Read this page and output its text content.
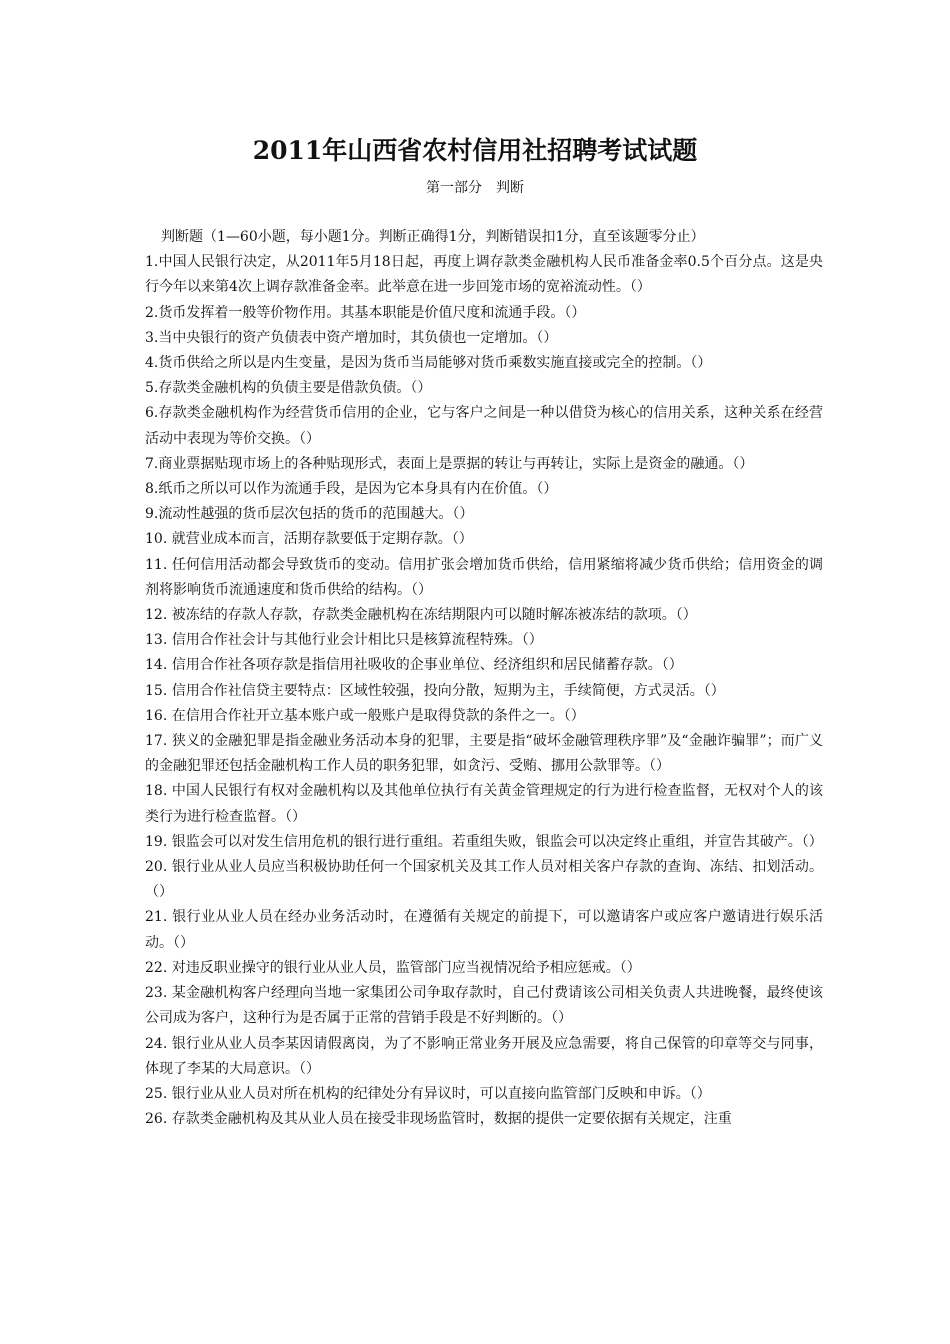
2011年山西省农村信用社招聘考试试题

第一部分　判断

判断题（1—60小题，每小题1分。判断正确得1分，判断错误扣1分，直至该题零分止）

1.中国人民银行决定，从2011年5月18日起，再度上调存款类金融机构人民币准备金率0.5个百分点。这是央行今年以来第4次上调存款准备金率。此举意在进一步回笼市场的宽裕流动性。（）

2.货币发挥着一般等价物作用。其基本职能是价值尺度和流通手段。（）

3.当中央银行的资产负债表中资产增加时，其负债也一定增加。（）

4.货币供给之所以是内生变量，是因为货币当局能够对货币乘数实施直接或完全的控制。（）

5.存款类金融机构的负债主要是借款负债。（）

6.存款类金融机构作为经营货币信用的企业，它与客户之间是一种以借贷为核心的信用关系，这种关系在经营活动中表现为等价交换。（）

7.商业票据贴现市场上的各种贴现形式，表面上是票据的转让与再转让，实际上是资金的融通。（）

8.纸币之所以可以作为流通手段，是因为它本身具有内在价值。（）

9.流动性越强的货币层次包括的货币的范围越大。（）

10. 就营业成本而言，活期存款要低于定期存款。（）

11. 任何信用活动都会导致货币的变动。信用扩张会增加货币供给，信用紧缩将减少货币供给；信用资金的调剂将影响货币流通速度和货币供给的结构。（）

12. 被冻结的存款人存款，存款类金融机构在冻结期限内可以随时解冻被冻结的款项。（）

13. 信用合作社会计与其他行业会计相比只是核算流程特殊。（）

14. 信用合作社各项存款是指信用社吸收的企事业单位、经济组织和居民储蓄存款。（）

15. 信用合作社信贷主要特点：区域性较强，投向分散，短期为主，手续简便，方式灵活。（）

16. 在信用合作社开立基本账户或一般账户是取得贷款的条件之一。（）

17. 狭义的金融犯罪是指金融业务活动本身的犯罪，主要是指“破坏金融管理秩序罪”及“金融诈骗罪”；而广义的金融犯罪还包括金融机构工作人员的职务犯罪，如贪污、受贿、挪用公款罪等。（）

18. 中国人民银行有权对金融机构以及其他单位执行有关黄金管理规定的行为进行检查监督，无权对个人的该类行为进行检查监督。（）

19. 银监会可以对发生信用危机的银行进行重组。若重组失败，银监会可以决定终止重组，并宣告其破产。（）

20. 银行业从业人员应当积极协助任何一个国家机关及其工作人员对相关客户存款的查询、冻结、扣划活动。（）

21. 银行业从业人员在经办业务活动时，在遵循有关规定的前提下，可以邀请客户或应客户邀请进行娱乐活动。（）

22. 对违反职业操守的银行业从业人员，监管部门应当视情况给予相应惩戒。（）

23. 某金融机构客户经理向当地一家集团公司争取存款时，自己付费请该公司相关负责人共进晚餐，最终使该公司成为客户，这种行为是否属于正常的营销手段是不好判断的。（）

24. 银行业从业人员李某因请假离岗，为了不影响正常业务开展及应急需要，将自己保管的印章等交与同事，体现了李某的大局意识。（）

25. 银行业从业人员对所在机构的纪律处分有异议时，可以直接向监管部门反映和申诉。（）

26. 存款类金融机构及其从业人员在接受非现场监管时，数据的提供一定要依据有关规定，注重
